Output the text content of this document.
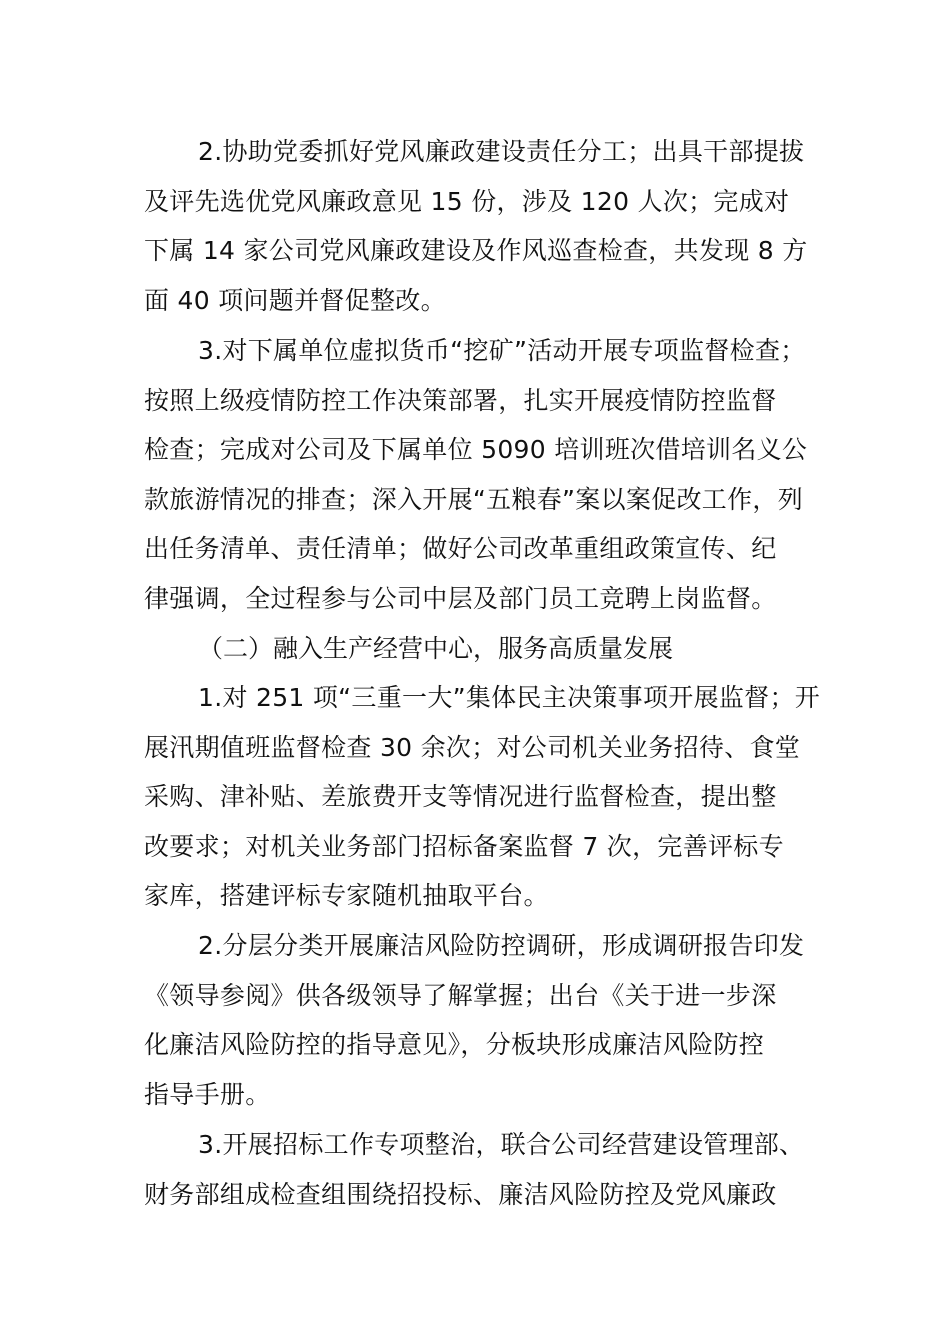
2.协助党委抓好党风廉政建设责任分工；出具干部提拔
及评先选优党风廉政意见 15 份，涉及 120 人次；完成对
下属 14 家公司党风廉政建设及作风巡查检查，共发现 8 方
面 40 项问题并督促整改。
3.对下属单位虚拟货币“挖矿”活动开展专项监督检查；
按照上级疫情防控工作决策部署，扎实开展疫情防控监督
检查；完成对公司及下属单位 5090 培训班次借培训名义公
款旅游情况的排查；深入开展“五粮春”案以案促改工作，列
出任务清单、责任清单；做好公司改革重组政策宣传、纪
律强调，全过程参与公司中层及部门员工竞聘上岗监督。
（二）融入生产经营中心，服务高质量发展
1.对 251 项“三重一大”集体民主决策事项开展监督；开
展汛期值班监督检查 30 余次；对公司机关业务招待、食堂
采购、津补贴、差旅费开支等情况进行监督检查，提出整
改要求；对机关业务部门招标备案监督 7 次，完善评标专
家库，搭建评标专家随机抽取平台。
2.分层分类开展廉洁风险防控调研，形成调研报告印发
《领导参阅》供各级领导了解掌握；出台《关于进一步深
化廉洁风险防控的指导意见》，分板块形成廉洁风险防控
指导手册。
3.开展招标工作专项整治，联合公司经营建设管理部、
财务部组成检查组围绕招投标、廉洁风险防控及党风廉政
